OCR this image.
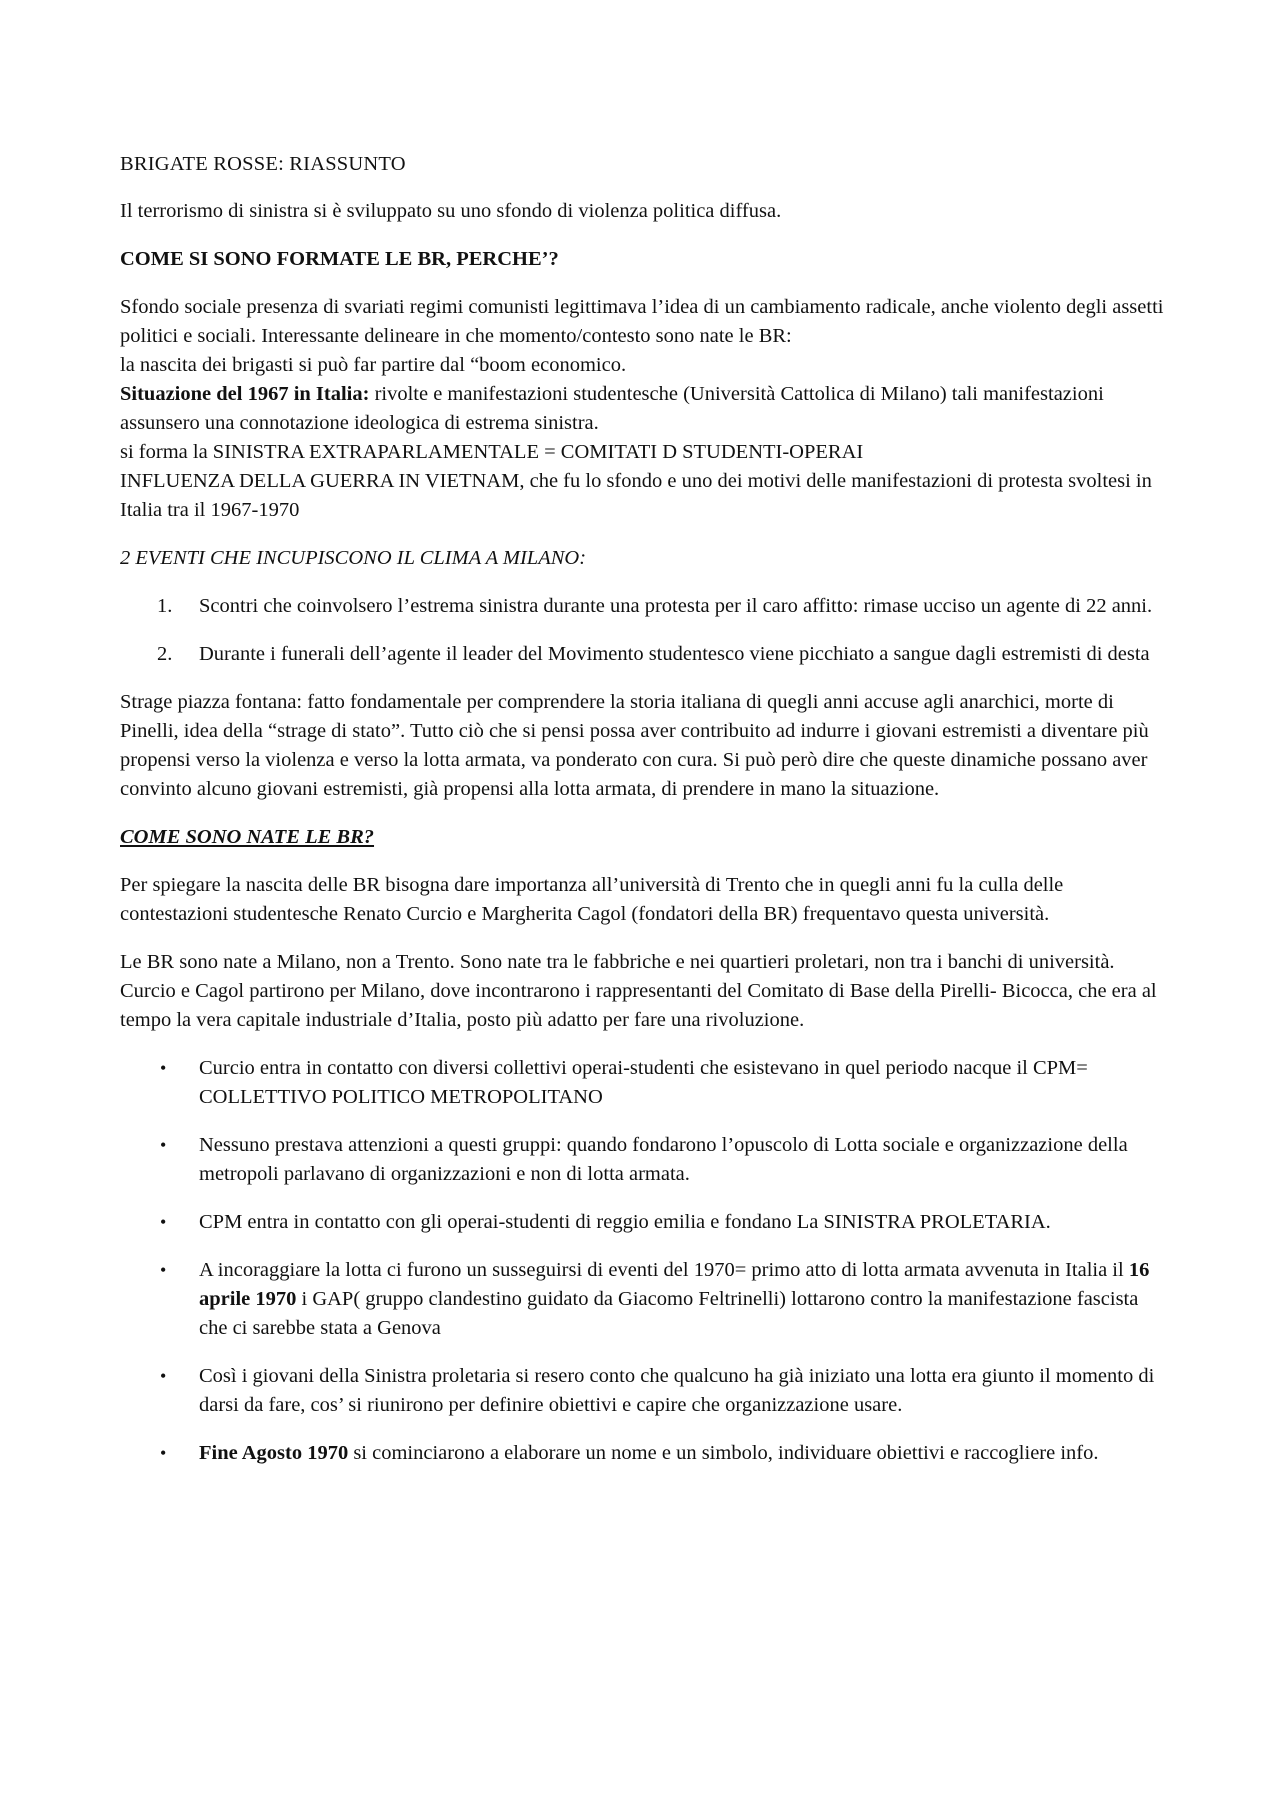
BRIGATE ROSSE: RIASSUNTO

Il terrorismo di sinistra si è sviluppato su uno sfondo di violenza politica diffusa.

COME SI SONO FORMATE LE BR, PERCHE’?

Sfondo sociale presenza di svariati regimi comunisti legittimava l’idea di un cambiamento radicale, anche violento degli assetti politici e sociali. Interessante delineare in che momento/contesto sono nate le BR:

la nascita dei brigasti si può far partire dal “boom economico.

Situazione del 1967 in Italia: rivolte e manifestazioni studentesche (Università Cattolica di Milano) tali manifestazioni assunsero una connotazione ideologica di estrema sinistra.

si forma la SINISTRA EXTRAPARLAMENTALE = COMITATI D STUDENTI-OPERAI

INFLUENZA DELLA GUERRA IN VIETNAM, che fu lo sfondo e uno dei motivi delle manifestazioni di protesta svoltesi in Italia tra il 1967-1970

2 EVENTI CHE INCUPISCONO IL CLIMA A MILANO:

1. Scontri che coinvolsero l’estrema sinistra durante una protesta per il caro affitto: rimase ucciso un agente di 22 anni.
2. Durante i funerali dell’agente il leader del Movimento studentesco viene picchiato a sangue dagli estremisti di desta

Strage piazza fontana: fatto fondamentale per comprendere la storia italiana di quegli anni accuse agli anarchici, morte di Pinelli, idea della “strage di stato”. Tutto ciò che si pensi possa aver contribuito ad indurre i giovani estremisti a diventare più propensi verso la violenza e verso la lotta armata, va ponderato con cura. Si può però dire che queste dinamiche possano aver convinto alcuno giovani estremisti, già propensi alla lotta armata, di prendere in mano la situazione.

COME SONO NATE LE BR?

Per spiegare la nascita delle BR bisogna dare importanza all’università di Trento che in quegli anni fu la culla delle contestazioni studentesche Renato Curcio e Margherita Cagol (fondatori della BR) frequentavo questa università.

Le BR sono nate a Milano, non a Trento. Sono nate tra le fabbriche e nei quartieri proletari, non tra i banchi di università. Curcio e Cagol partirono per Milano, dove incontrarono i rappresentanti del Comitato di Base della Pirelli- Bicocca, che era al tempo la vera capitale industriale d’Italia, posto più adatto per fare una rivoluzione.

• Curcio entra in contatto con diversi collettivi operai-studenti che esistevano in quel periodo nacque il CPM= COLLETTIVO POLITICO METROPOLITANO
• Nessuno prestava attenzioni a questi gruppi: quando fondarono l’opuscolo di Lotta sociale e organizzazione della metropoli parlavano di organizzazioni e non di lotta armata.
• CPM entra in contatto con gli operai-studenti di reggio emilia e fondano La SINISTRA PROLETARIA.
• A incoraggiare la lotta ci furono un susseguirsi di eventi del 1970= primo atto di lotta armata avvenuta in Italia il 16 aprile 1970 i GAP( gruppo clandestino guidato da Giacomo Feltrinelli) lottarono contro la manifestazione fascista che ci sarebbe stata a Genova
• Così i giovani della Sinistra proletaria si resero conto che qualcuno ha già iniziato una lotta era giunto il momento di darsi da fare, cos’ si riunirono per definire obiettivi e capire che organizzazione usare.
• Fine Agosto 1970 si cominciarono a elaborare un nome e un simbolo, individuare obiettivi e raccogliere info.
